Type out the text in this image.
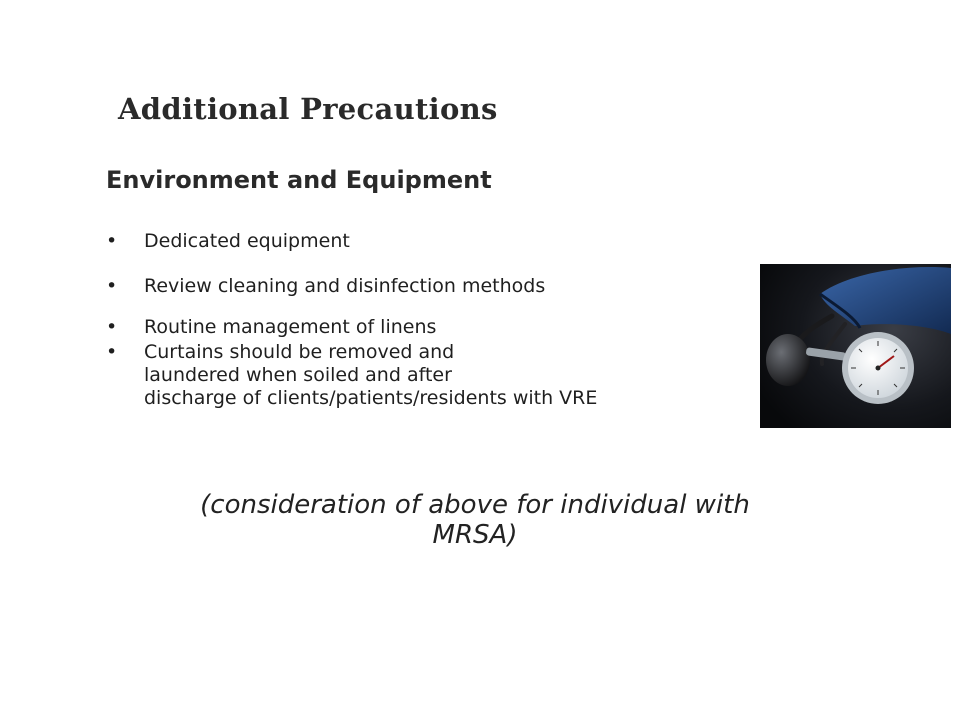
Additional Precautions
Environment and Equipment
• Dedicated equipment
• Review cleaning and disinfection methods
• Routine management of linens
• Curtains should be removed and
laundered when soiled and after
discharge of clients/patients/residents with VRE
(consideration of above for individual with
MRSA)
